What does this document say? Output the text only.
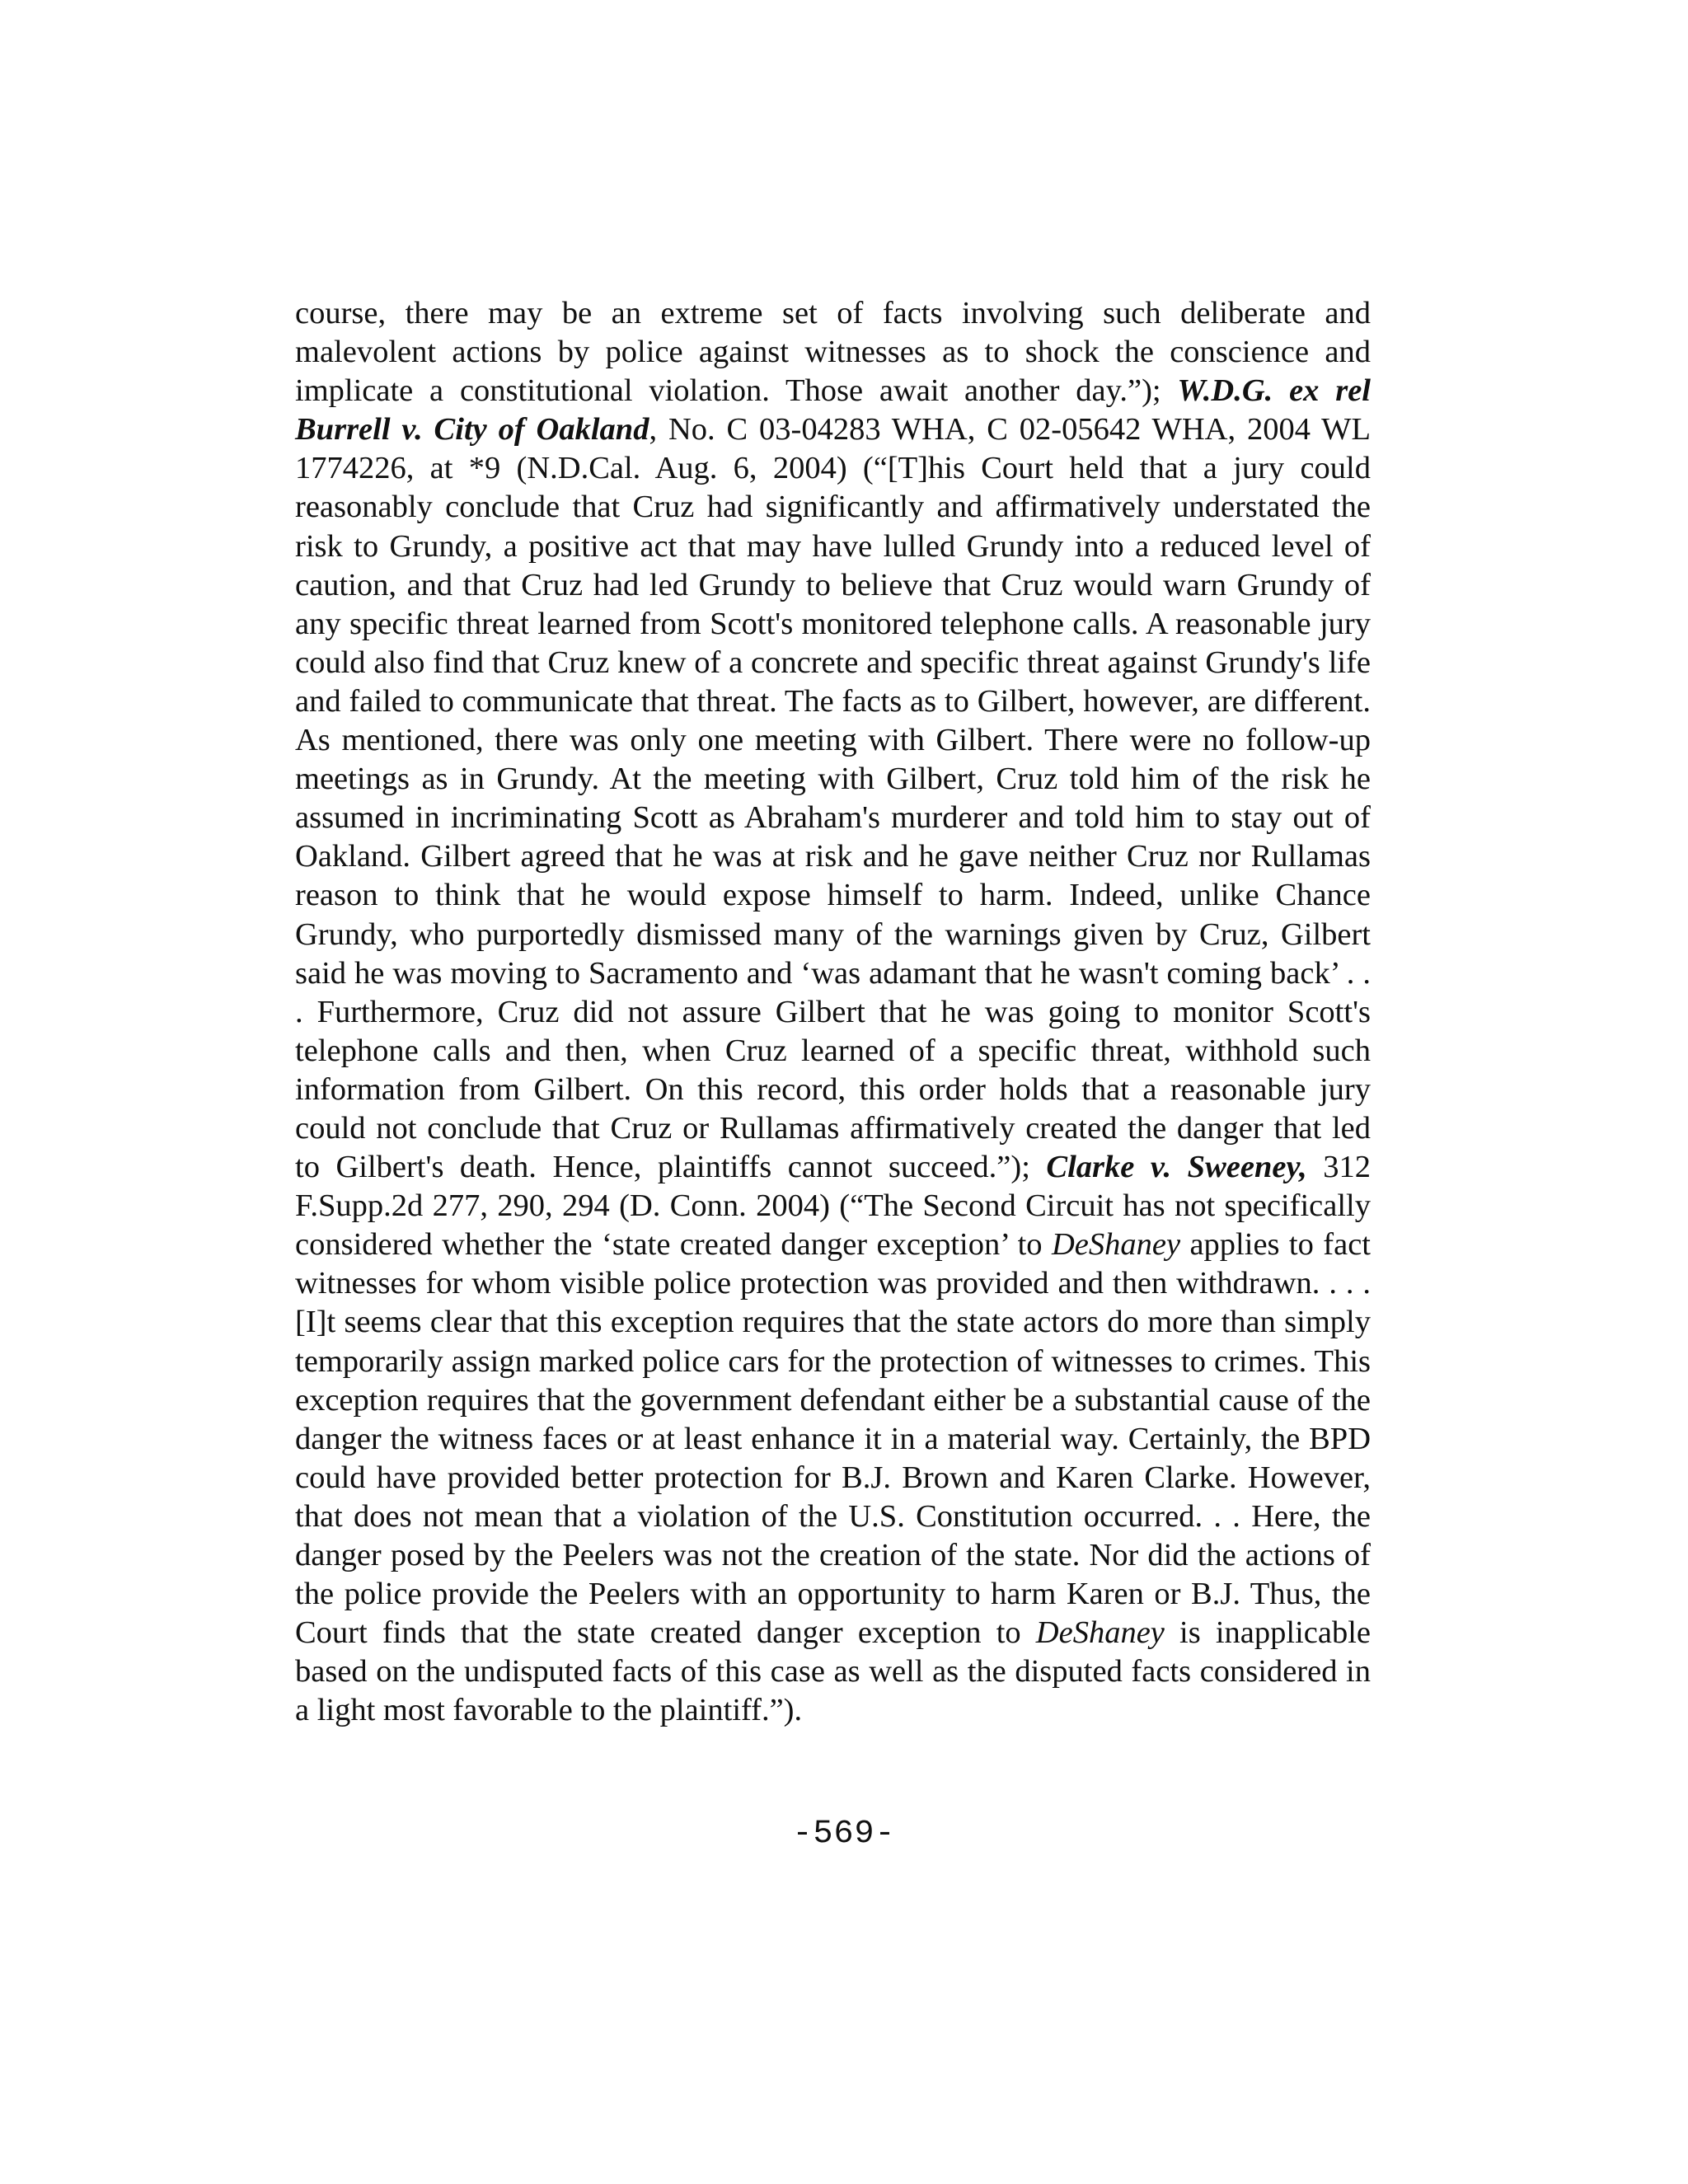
course, there may be an extreme set of facts involving such deliberate and malevolent actions by police against witnesses as to shock the conscience and implicate a constitutional violation. Those await another day.”); W.D.G. ex rel Burrell v. City of Oakland, No. C 03-04283 WHA, C 02-05642 WHA, 2004 WL 1774226, at *9 (N.D.Cal. Aug. 6, 2004) (“[T]his Court held that a jury could reasonably conclude that Cruz had significantly and affirmatively understated the risk to Grundy, a positive act that may have lulled Grundy into a reduced level of caution, and that Cruz had led Grundy to believe that Cruz would warn Grundy of any specific threat learned from Scott's monitored telephone calls. A reasonable jury could also find that Cruz knew of a concrete and specific threat against Grundy's life and failed to communicate that threat. The facts as to Gilbert, however, are different. As mentioned, there was only one meeting with Gilbert. There were no follow-up meetings as in Grundy. At the meeting with Gilbert, Cruz told him of the risk he assumed in incriminating Scott as Abraham's murderer and told him to stay out of Oakland. Gilbert agreed that he was at risk and he gave neither Cruz nor Rullamas reason to think that he would expose himself to harm. Indeed, unlike Chance Grundy, who purportedly dismissed many of the warnings given by Cruz, Gilbert said he was moving to Sacramento and ‘was adamant that he wasn't coming back’ . . . Furthermore, Cruz did not assure Gilbert that he was going to monitor Scott's telephone calls and then, when Cruz learned of a specific threat, withhold such information from Gilbert. On this record, this order holds that a reasonable jury could not conclude that Cruz or Rullamas affirmatively created the danger that led to Gilbert's death. Hence, plaintiffs cannot succeed.”); Clarke v. Sweeney, 312 F.Supp.2d 277, 290, 294 (D. Conn. 2004) (“The Second Circuit has not specifically considered whether the ‘state created danger exception’ to DeShaney applies to fact witnesses for whom visible police protection was provided and then withdrawn. . . . [I]t seems clear that this exception requires that the state actors do more than simply temporarily assign marked police cars for the protection of witnesses to crimes. This exception requires that the government defendant either be a substantial cause of the danger the witness faces or at least enhance it in a material way. Certainly, the BPD could have provided better protection for B.J. Brown and Karen Clarke. However, that does not mean that a violation of the U.S. Constitution occurred. . . Here, the danger posed by the Peelers was not the creation of the state. Nor did the actions of the police provide the Peelers with an opportunity to harm Karen or B.J. Thus, the Court finds that the state created danger exception to DeShaney is inapplicable based on the undisputed facts of this case as well as the disputed facts considered in a light most favorable to the plaintiff.”).

-569-
